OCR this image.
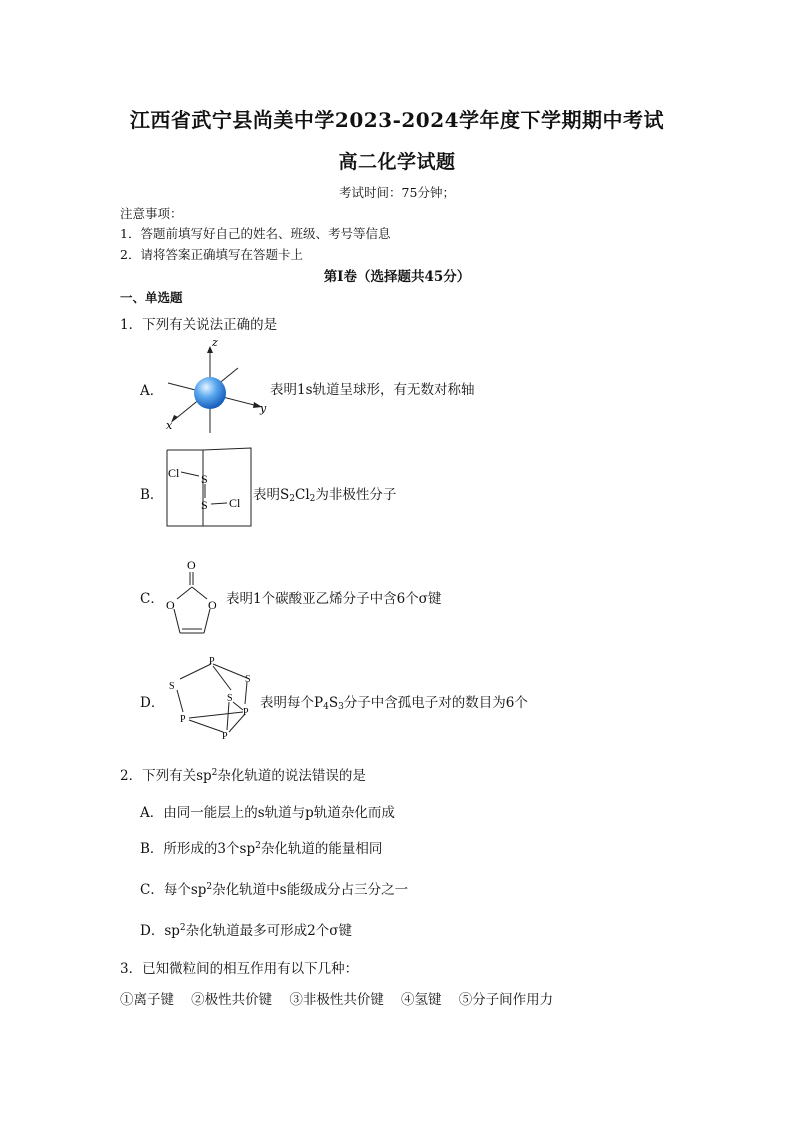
江西省武宁县尚美中学2023-2024学年度下学期期中考试
高二化学试题
考试时间：75分钟；
注意事项：
1．答题前填写好自己的姓名、班级、考号等信息
2．请将答案正确填写在答题卡上
第Ⅰ卷（选择题共45分）
一、单选题
1．下列有关说法正确的是
A．
z
y
x
表明1s轨道呈球形，有无数对称轴
B．
Cl S
S Cl 表明$S_2Cl_2$为非极性分子
C．
O
O	O 表明1个碳酸亚乙烯分子中含6个σ键
D．
P
S
S
S
P
P
P
表明每个$P_4S_3$分子中含孤电子对的数目为6个
2．下列有关$sp^2$杂化轨道的说法错误的是
A．由同一能层上的s轨道与p轨道杂化而成
B．所形成的3个$sp^2$杂化轨道的能量相同
C．每个$sp^2$杂化轨道中s能级成分占三分之一
D．$sp^2$杂化轨道最多可形成2个σ键
3．已知微粒间的相互作用有以下几种：
①离子键 ②极性共价键 ③非极性共价键 ④氢键 ⑤分子间作用力
